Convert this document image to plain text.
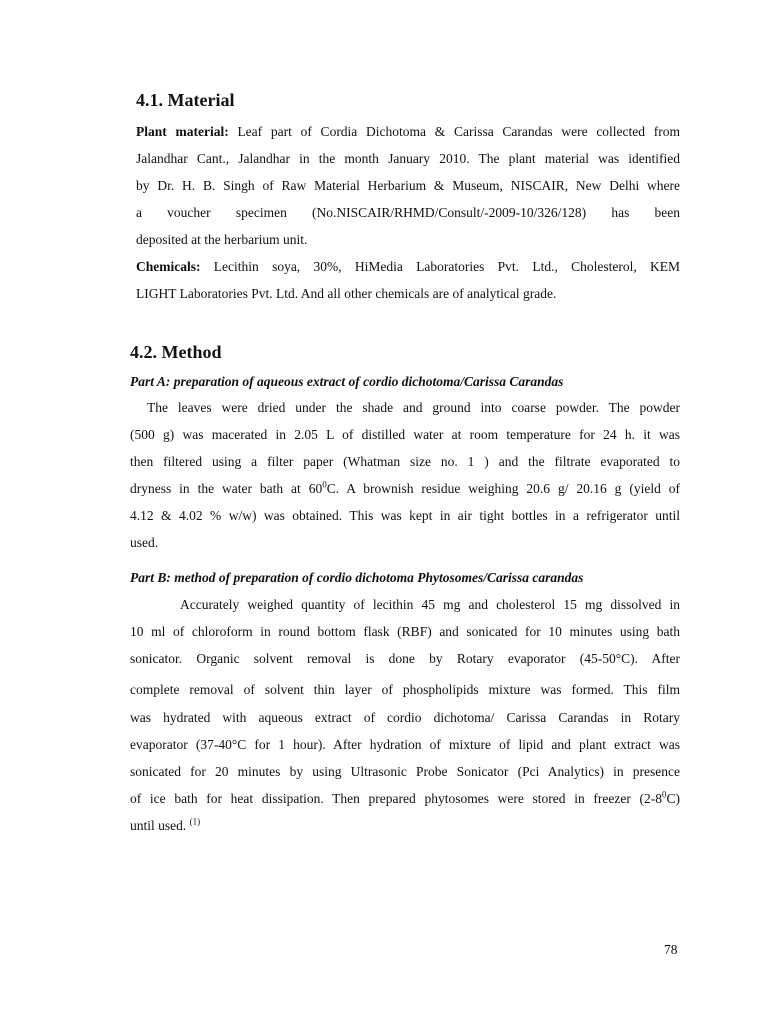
4.1. Material
Plant material: Leaf part of Cordia Dichotoma & Carissa Carandas were collected from
Jalandhar Cant., Jalandhar in the month January 2010. The plant material was identified
by Dr. H. B. Singh of Raw Material Herbarium & Museum, NISCAIR, New Delhi where
a voucher specimen (No.NISCAIR/RHMD/Consult/-2009-10/326/128) has been
deposited at the herbarium unit.
Chemicals: Lecithin soya, 30%, HiMedia Laboratories Pvt. Ltd., Cholesterol, KEM
LIGHT Laboratories Pvt. Ltd. And all other chemicals are of analytical grade.
4.2. Method
Part A: preparation of aqueous extract of cordio dichotoma/Carissa Carandas
The leaves were dried under the shade and ground into coarse powder. The powder
(500 g) was macerated in 2.05 L of distilled water at room temperature for 24 h. it was
then filtered using a filter paper (Whatman size no. 1 ) and the filtrate evaporated to
dryness in the water bath at $60^0C$. A brownish residue weighing 20.6 g/ 20.16 g (yield of
4.12 & 4.02 % w/w) was obtained. This was kept in air tight bottles in a refrigerator until
used.
Part B: method of preparation of cordio dichotoma Phytosomes/Carissa carandas
Accurately weighed quantity of lecithin 45 mg and cholesterol 15 mg dissolved in
10 ml of chloroform in round bottom flask (RBF) and sonicated for 10 minutes using bath
sonicator. Organic solvent removal is done by Rotary evaporator (45-50°C). After
complete removal of solvent thin layer of phospholipids mixture was formed. This film
was hydrated with aqueous extract of cordio dichotoma/ Carissa Carandas in Rotary
evaporator (37-40°C for 1 hour). After hydration of mixture of lipid and plant extract was
sonicated for 20 minutes by using Ultrasonic Probe Sonicator (Pci Analytics) in presence
of ice bath for heat dissipation. Then prepared phytosomes were stored in freezer $(2-8^0C)$
until used. $^{(1)}$
78
